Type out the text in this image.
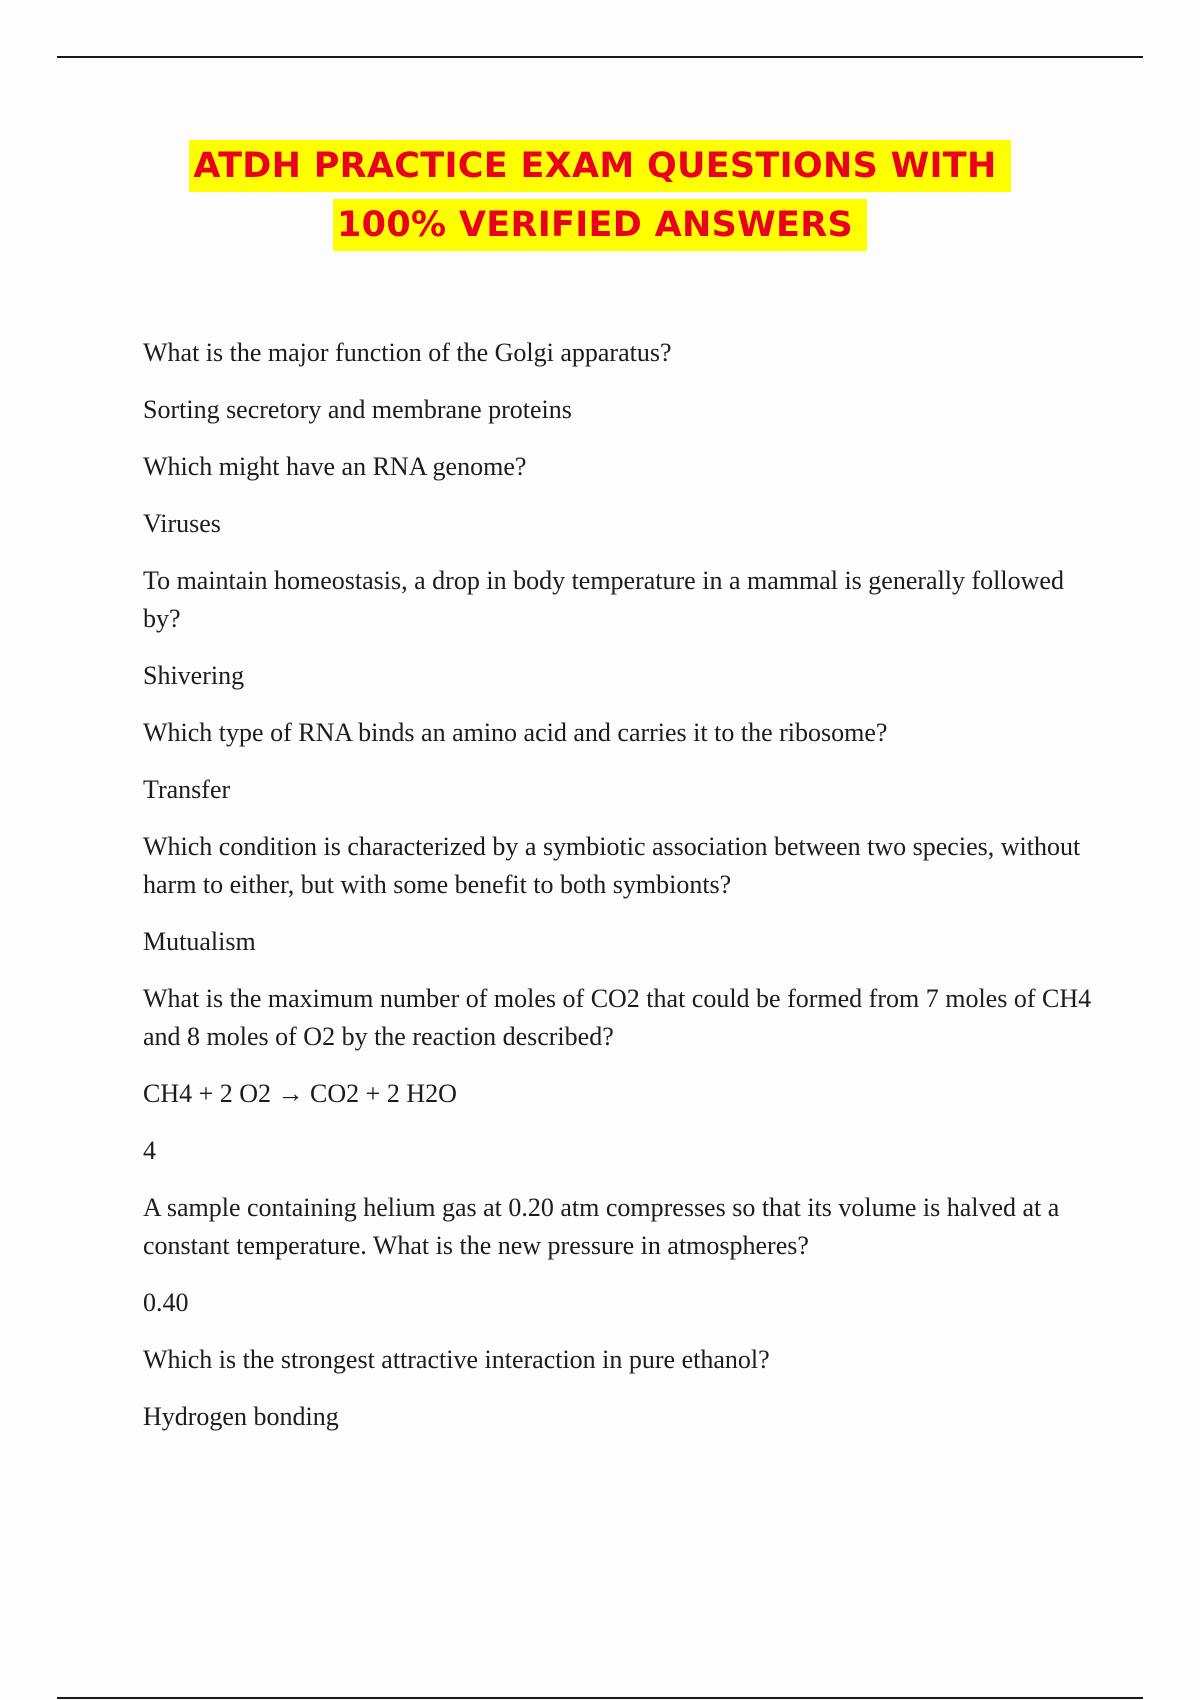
ATDH PRACTICE EXAM QUESTIONS WITH
100% VERIFIED ANSWERS

What is the major function of the Golgi apparatus?

Sorting secretory and membrane proteins

Which might have an RNA genome?

Viruses

To maintain homeostasis, a drop in body temperature in a mammal is generally followed by?

Shivering

Which type of RNA binds an amino acid and carries it to the ribosome?

Transfer

Which condition is characterized by a symbiotic association between two species, without harm to either, but with some benefit to both symbionts?

Mutualism

What is the maximum number of moles of CO2 that could be formed from 7 moles of CH4 and 8 moles of O2 by the reaction described?

CH4 + 2 O2 → CO2 + 2 H2O

4

A sample containing helium gas at 0.20 atm compresses so that its volume is halved at a constant temperature. What is the new pressure in atmospheres?

0.40

Which is the strongest attractive interaction in pure ethanol?

Hydrogen bonding
